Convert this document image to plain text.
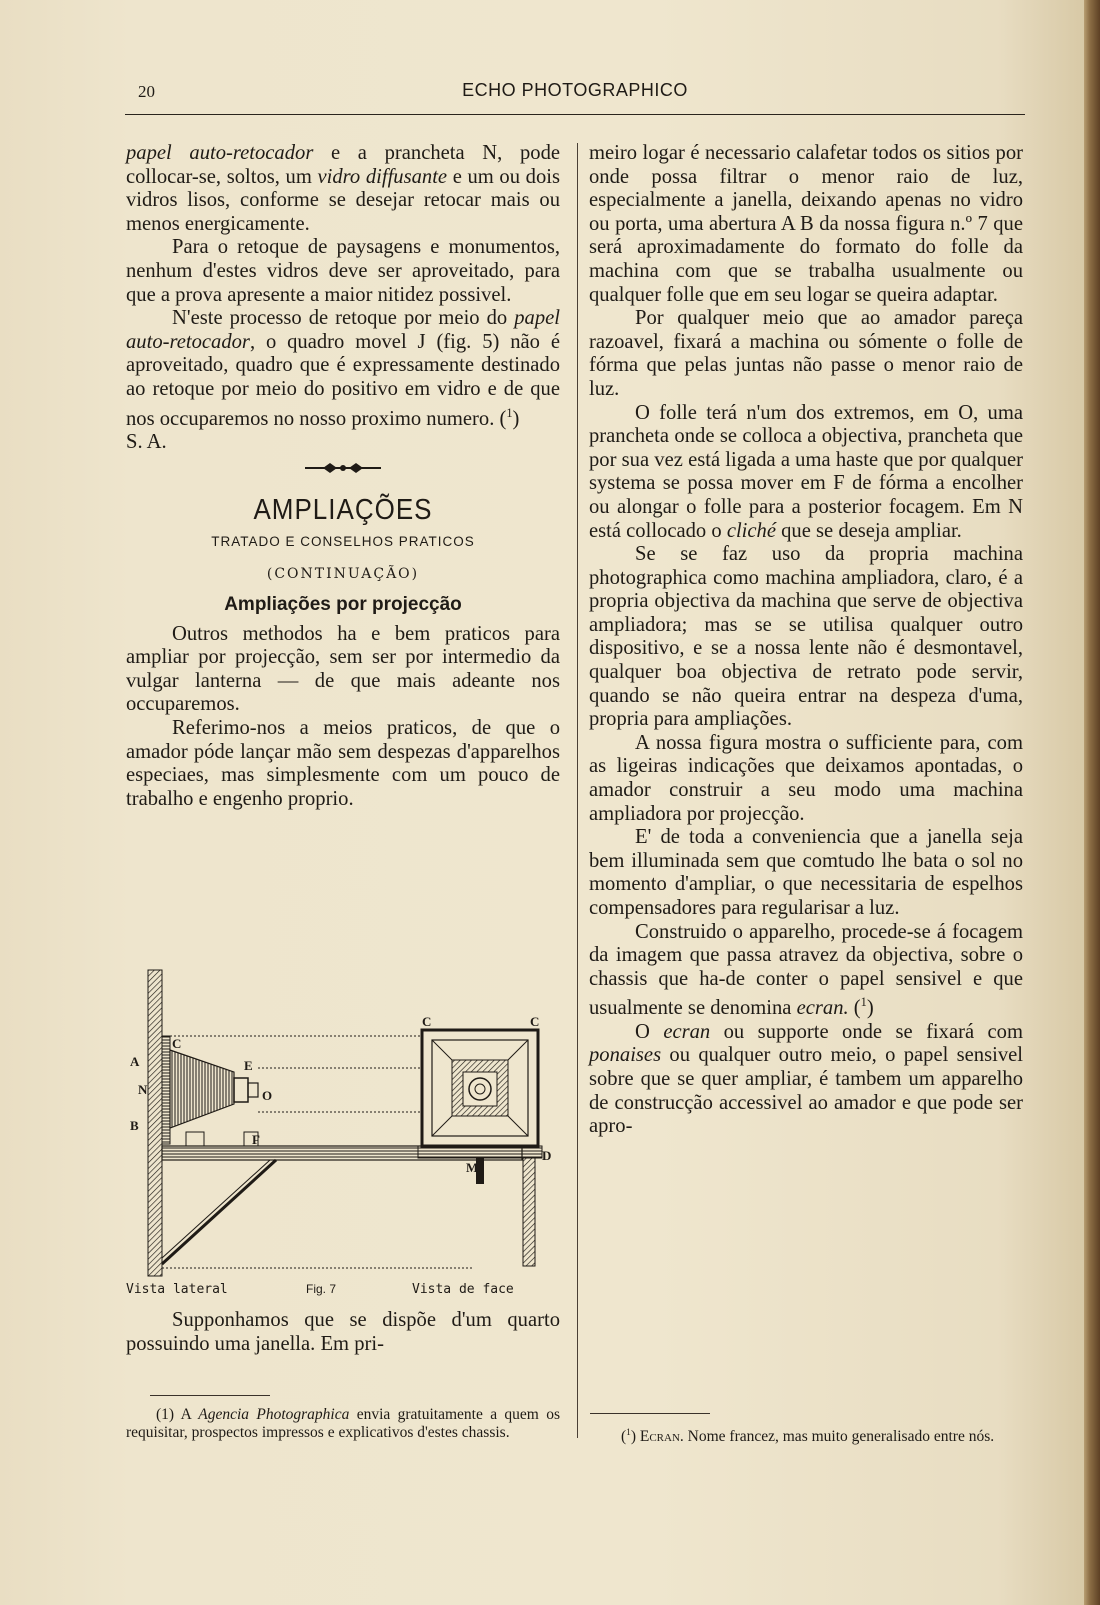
20	ECHO PHOTOGRAPHICO

papel auto-retocador e a prancheta N, pode collocar-se, soltos, um vidro diffusante e um ou dois vidros lisos, conforme se desejar retocar mais ou menos energicamente.

Para o retoque de paysagens e monumentos, nenhum d'estes vidros deve ser aproveitado, para que a prova apresente a maior nitidez possivel.

N'este processo de retoque por meio do papel auto-retocador, o quadro movel J (fig. 5) não é aproveitado, quadro que é expressamente destinado ao retoque por meio do positivo em vidro e de que nos occuparemos no nosso proximo numero. ($^1$)

S. A.

AMPLIAÇÕES
TRATADO E CONSELHOS PRATICOS
(CONTINUAÇÃO)
Ampliações por projecção

Outros methodos ha e bem praticos para ampliar por projecção, sem ser por intermedio da vulgar lanterna — de que mais adeante nos occuparemos.

Referimo-nos a meios praticos, de que o amador póde lançar mão sem despezas d'apparelhos especiaes, mas simplesmente com um pouco de trabalho e engenho proprio.

A
N
B
C
C	C
E
O
F
D
M
Vista lateral	Fig. 7	Vista de face

Supponhamos que se dispõe d'um quarto possuindo uma janella. Em pri-

(1) A Agencia Photographica envia gratuitamente a quem os requisitar, prospectos impressos e explicativos d'estes chassis.

meiro logar é necessario calafetar todos os sitios por onde possa filtrar o menor raio de luz, especialmente a janella, deixando apenas no vidro ou porta, uma abertura A B da nossa figura n.º 7 que será aproximadamente do formato do folle da machina com que se trabalha usualmente ou qualquer folle que em seu logar se queira adaptar.

Por qualquer meio que ao amador pareça razoavel, fixará a machina ou sómente o folle de fórma que pelas juntas não passe o menor raio de luz.

O folle terá n'um dos extremos, em O, uma prancheta onde se colloca a objectiva, prancheta que por sua vez está ligada a uma haste que por qualquer systema se possa mover em F de fórma a encolher ou alongar o folle para a posterior focagem. Em N está collocado o cliché que se deseja ampliar.

Se se faz uso da propria machina photographica como machina ampliadora, claro, é a propria objectiva da machina que serve de objectiva ampliadora; mas se se utilisa qualquer outro dispositivo, e se a nossa lente não é desmontavel, qualquer boa objectiva de retrato pode servir, quando se não queira entrar na despeza d'uma, propria para ampliações.

A nossa figura mostra o sufficiente para, com as ligeiras indicações que deixamos apontadas, o amador construir a seu modo uma machina ampliadora por projecção.

E' de toda a conveniencia que a janella seja bem illuminada sem que comtudo lhe bata o sol no momento d'ampliar, o que necessitaria de espelhos compensadores para regularisar a luz.

Construido o apparelho, procede-se á focagem da imagem que passa atravez da objectiva, sobre o chassis que ha-de conter o papel sensivel e que usualmente se denomina ecran. ($^1$)

O ecran ou supporte onde se fixará com ponaises ou qualquer outro meio, o papel sensivel sobre que se quer ampliar, é tambem um apparelho de construcção accessivel ao amador e que pode ser apro-

($^1$) Ecran. Nome francez, mas muito generalisado entre nós.
